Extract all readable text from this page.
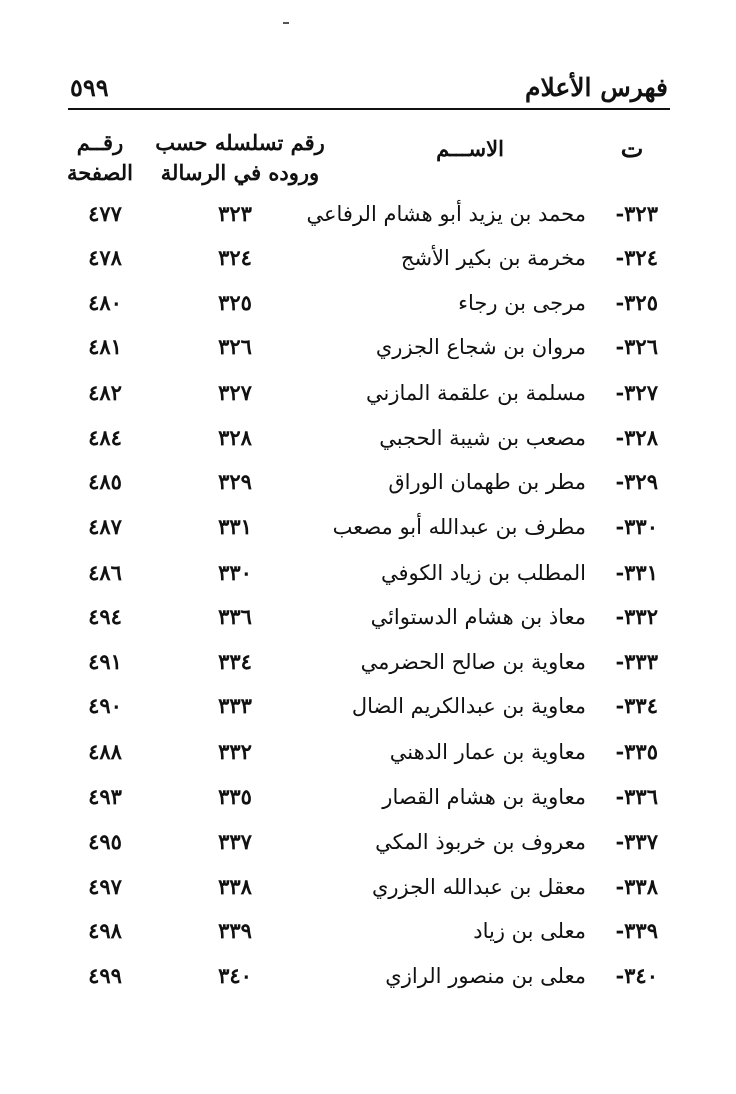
فهرس الأعلام
٥٩٩
ت
الاســـم
رقم تسلسله حسب وروده في الرسالة
رقــم الصفحة
٣٢٣-
محمد بن يزيد أبو هشام الرفاعي
٣٢٣
٤٧٧
٣٢٤-
مخرمة بن بكير الأشج
٣٢٤
٤٧٨
٣٢٥-
مرجى بن رجاء
٣٢٥
٤٨٠
٣٢٦-
مروان بن شجاع الجزري
٣٢٦
٤٨١
٣٢٧-
مسلمة بن علقمة المازني
٣٢٧
٤٨٢
٣٢٨-
مصعب بن شيبة الحجبي
٣٢٨
٤٨٤
٣٢٩-
مطر بن طهمان الوراق
٣٢٩
٤٨٥
٣٣٠-
مطرف بن عبدالله أبو مصعب
٣٣١
٤٨٧
٣٣١-
المطلب بن زياد الكوفي
٣٣٠
٤٨٦
٣٣٢-
معاذ بن هشام الدستوائي
٣٣٦
٤٩٤
٣٣٣-
معاوية بن صالح الحضرمي
٣٣٤
٤٩١
٣٣٤-
معاوية بن عبدالكريم الضال
٣٣٣
٤٩٠
٣٣٥-
معاوية بن عمار الدهني
٣٣٢
٤٨٨
٣٣٦-
معاوية بن هشام القصار
٣٣٥
٤٩٣
٣٣٧-
معروف بن خربوذ المكي
٣٣٧
٤٩٥
٣٣٨-
معقل بن عبدالله الجزري
٣٣٨
٤٩٧
٣٣٩-
معلى بن زياد
٣٣٩
٤٩٨
٣٤٠-
معلى بن منصور الرازي
٣٤٠
٤٩٩
